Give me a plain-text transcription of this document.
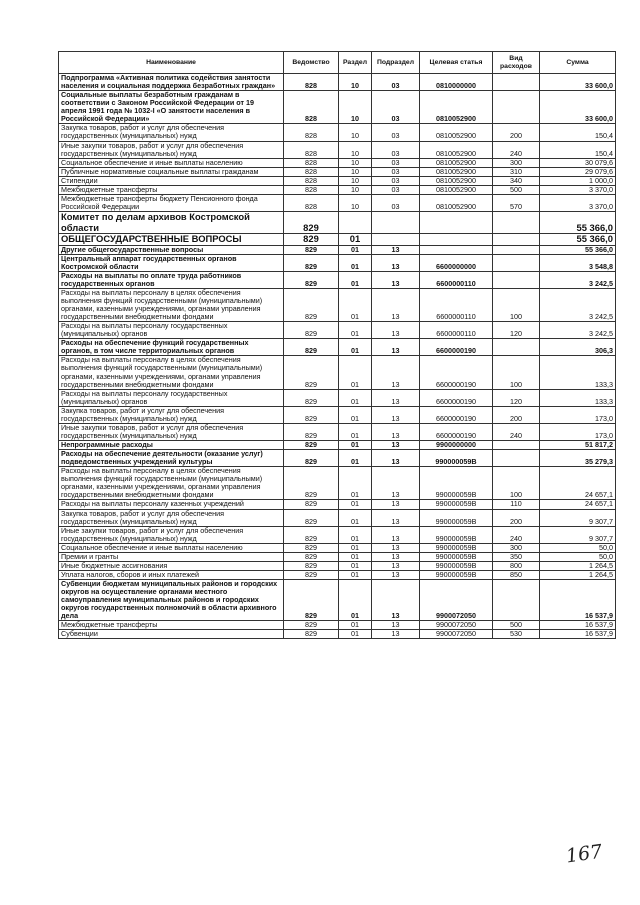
Наименование	Ведомство	Раздел	Подраздел	Целевая статья	Вид расходов	Сумма
Подпрограмма «Активная политика содействия занятости населения и социальная поддержка безработных граждан»	828	10	03	0810000000		33 600,0
Социальные выплаты безработным гражданам в соответствии с Законом Российской Федерации от 19 апреля 1991 года № 1032-I «О занятости населения в Российской Федерации»	828	10	03	0810052900		33 600,0
Закупка товаров, работ и услуг для обеспечения государственных (муниципальных) нужд	828	10	03	0810052900	200	150,4
Иные закупки товаров, работ и услуг для обеспечения государственных (муниципальных) нужд	828	10	03	0810052900	240	150,4
Социальное обеспечение и иные выплаты населению	828	10	03	0810052900	300	30 079,6
Публичные нормативные социальные выплаты гражданам	828	10	03	0810052900	310	29 079,6
Стипендии	828	10	03	0810052900	340	1 000,0
Межбюджетные трансферты	828	10	03	0810052900	500	3 370,0
Межбюджетные трансферты бюджету Пенсионного фонда Российской Федерации	828	10	03	0810052900	570	3 370,0
Комитет по делам архивов Костромской области	829					55 366,0
ОБЩЕГОСУДАРСТВЕННЫЕ ВОПРОСЫ	829	01				55 366,0
Другие общегосударственные вопросы	829	01	13			55 366,0
Центральный аппарат государственных органов Костромской области	829	01	13	6600000000		3 548,8
Расходы на выплаты по оплате труда работников государственных органов	829	01	13	6600000110		3 242,5
Расходы на выплаты персоналу в целях обеспечения выполнения функций государственными (муниципальными) органами, казенными учреждениями, органами управления государственными внебюджетными фондами	829	01	13	6600000110	100	3 242,5
Расходы на выплаты персоналу государственных (муниципальных) органов	829	01	13	6600000110	120	3 242,5
Расходы на обеспечение функций государственных органов, в том числе территориальных органов	829	01	13	6600000190		306,3
Расходы на выплаты персоналу в целях обеспечения выполнения функций государственными (муниципальными) органами, казенными учреждениями, органами управления государственными внебюджетными фондами	829	01	13	6600000190	100	133,3
Расходы на выплаты персоналу государственных (муниципальных) органов	829	01	13	6600000190	120	133,3
Закупка товаров, работ и услуг для обеспечения государственных (муниципальных) нужд	829	01	13	6600000190	200	173,0
Иные закупки товаров, работ и услуг для обеспечения государственных (муниципальных) нужд	829	01	13	6600000190	240	173,0
Непрограммные расходы	829	01	13	9900000000		51 817,2
Расходы на обеспечение деятельности (оказание услуг) подведомственных учреждений культуры	829	01	13	990000059В		35 279,3
Расходы на выплаты персоналу в целях обеспечения выполнения функций государственными (муниципальными) органами, казенными учреждениями, органами управления государственными внебюджетными фондами	829	01	13	990000059В	100	24 657,1
Расходы на выплаты персоналу казенных учреждений	829	01	13	990000059В	110	24 657,1
Закупка товаров, работ и услуг для обеспечения государственных (муниципальных) нужд	829	01	13	990000059В	200	9 307,7
Иные закупки товаров, работ и услуг для обеспечения государственных (муниципальных) нужд	829	01	13	990000059В	240	9 307,7
Социальное обеспечение и иные выплаты населению	829	01	13	990000059В	300	50,0
Премии и гранты	829	01	13	990000059В	350	50,0
Иные бюджетные ассигнования	829	01	13	990000059В	800	1 264,5
Уплата налогов, сборов и иных платежей	829	01	13	990000059В	850	1 264,5
Субвенции бюджетам муниципальных районов и городских округов на осуществление органами местного самоуправления муниципальных районов и городских округов государственных полномочий в области архивного дела	829	01	13	9900072050		16 537,9
Межбюджетные трансферты	829	01	13	9900072050	500	16 537,9
Субвенции	829	01	13	9900072050	530	16 537,9
167
